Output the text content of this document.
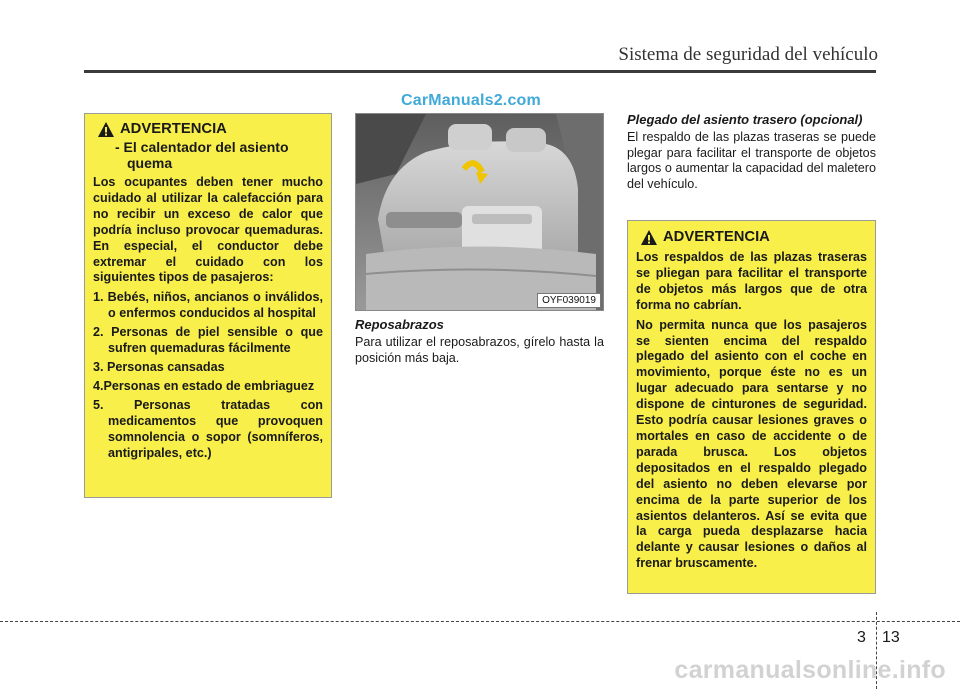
Sistema de seguridad del vehículo
CarManuals2.com
ADVERTENCIA
- El calentador del asiento quema
Los ocupantes deben tener mucho cuidado al utilizar la calefacción para no recibir un exceso de calor que podría incluso provocar quemaduras. En especial, el conductor debe extremar el cuidado con los siguientes tipos de pasajeros:
1. Bebés, niños, ancianos o inválidos, o enfermos conducidos al hospital
2. Personas de piel sensible o que sufren quemaduras fácilmente
3. Personas cansadas
4.Personas en estado de embriaguez
5. Personas tratadas con medicamentos que provoquen somnolencia o sopor (somníferos, antigripales, etc.)
OYF039019
Reposabrazos
Para utilizar el reposabrazos, gírelo hasta la posición más baja.
Plegado del asiento trasero (opcional)
El respaldo de las plazas traseras se puede plegar para facilitar el transporte de objetos largos o aumentar la capacidad del maletero del vehículo.
ADVERTENCIA
Los respaldos de las plazas traseras se pliegan para facilitar el transporte de objetos más largos que de otra forma no cabrían.
No permita nunca que los pasajeros se sienten encima del respaldo plegado del asiento con el coche en movimiento, porque éste no es un lugar adecuado para sentarse y no dispone de cinturones de seguridad. Esto podría causar lesiones graves o mortales en caso de accidente o de parada brusca. Los objetos depositados en el respaldo plegado del asiento no deben elevarse por encima de la parte superior de los asientos delanteros. Así se evita que la carga pueda desplazarse hacia delante y causar lesiones o daños al frenar bruscamente.
3 13
carmanualsonline.info
